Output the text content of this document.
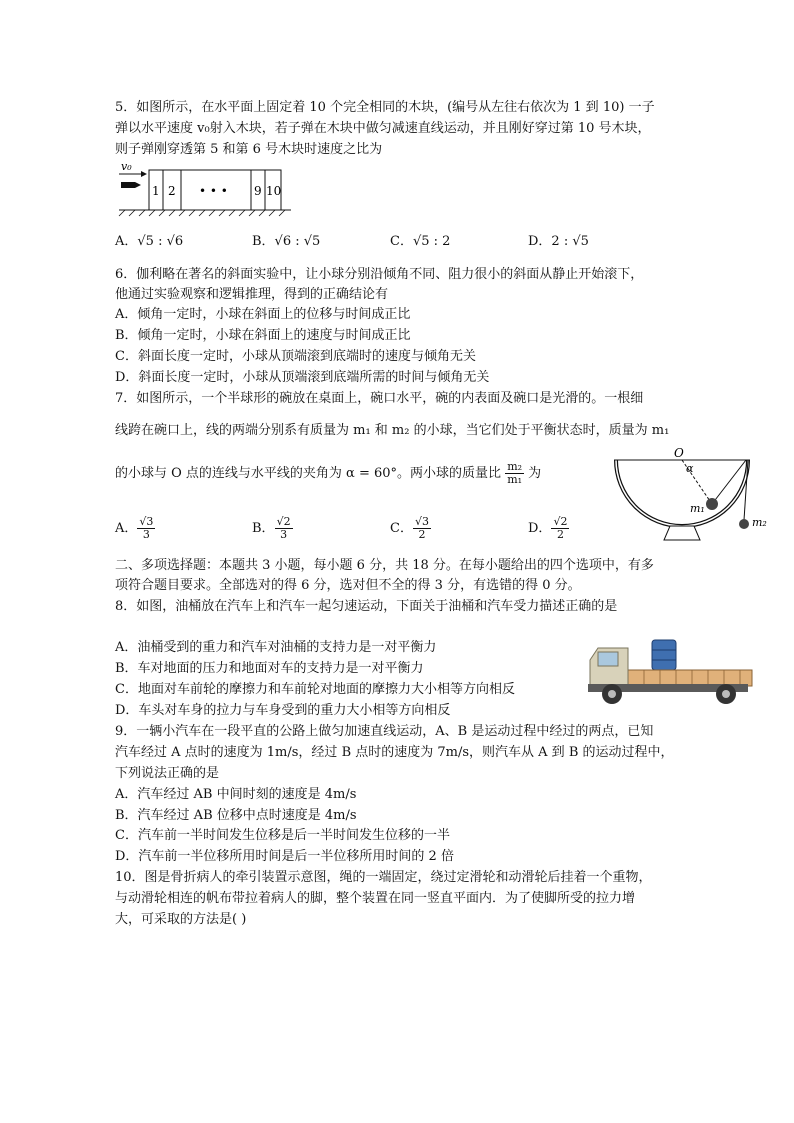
5．如图所示，在水平面上固定着 10 个完全相同的木块，(编号从左往右依次为 1 到 10) 一子
弹以水平速度 v₀射入木块，若子弹在木块中做匀减速直线运动，并且刚好穿过第 10 号木块，
则子弹刚穿透第 5 和第 6 号木块时速度之比为
v₀
1 2 • • • 9 10
A．√5 : √6	B．√6 : √5	C．√5 : 2	D．2 : √5
6．伽利略在著名的斜面实验中，让小球分别沿倾角不同、阻力很小的斜面从静止开始滚下，
他通过实验观察和逻辑推理，得到的正确结论有
A．倾角一定时，小球在斜面上的位移与时间成正比
B．倾角一定时，小球在斜面上的速度与时间成正比
C．斜面长度一定时，小球从顶端滚到底端时的速度与倾角无关
D．斜面长度一定时，小球从顶端滚到底端所需的时间与倾角无关
7．如图所示，一个半球形的碗放在桌面上，碗口水平，碗的内表面及碗口是光滑的。一根细
线跨在碗口上，线的两端分别系有质量为 m₁ 和 m₂ 的小球，当它们处于平衡状态时，质量为 m₁
的小球与 O 点的连线与水平线的夹角为 α = 60°。两小球的质量比 $\frac{\text{m₂}}{\text{m₁}}$ 为
O
α
m₁
m₂
A． $\frac{√3}{3}$	B． $\frac{√2}{3}$	C． $\frac{√3}{2}$	D． $\frac{√2}{2}$
二、多项选择题：本题共 3 小题，每小题 6 分，共 18 分。在每小题给出的四个选项中，有多
项符合题目要求。全部选对的得 6 分，选对但不全的得 3 分，有选错的得 0 分。
8．如图，油桶放在汽车上和汽车一起匀速运动，下面关于油桶和汽车受力描述正确的是
A．油桶受到的重力和汽车对油桶的支持力是一对平衡力
B．车对地面的压力和地面对车的支持力是一对平衡力
C．地面对车前轮的摩擦力和车前轮对地面的摩擦力大小相等方向相反
D．车头对车身的拉力与车身受到的重力大小相等方向相反
9．一辆小汽车在一段平直的公路上做匀加速直线运动，A、B 是运动过程中经过的两点，已知
汽车经过 A 点时的速度为 1m/s，经过 B 点时的速度为 7m/s，则汽车从 A 到 B 的运动过程中，
下列说法正确的是
A．汽车经过 AB 中间时刻的速度是 4m/s
B．汽车经过 AB 位移中点时速度是 4m/s
C．汽车前一半时间发生位移是后一半时间发生位移的一半
D．汽车前一半位移所用时间是后一半位移所用时间的 2 倍
10．图是骨折病人的牵引装置示意图，绳的一端固定，绕过定滑轮和动滑轮后挂着一个重物，
与动滑轮相连的帆布带拉着病人的脚，整个装置在同一竖直平面内．为了使脚所受的拉力增
大，可采取的方法是( )
